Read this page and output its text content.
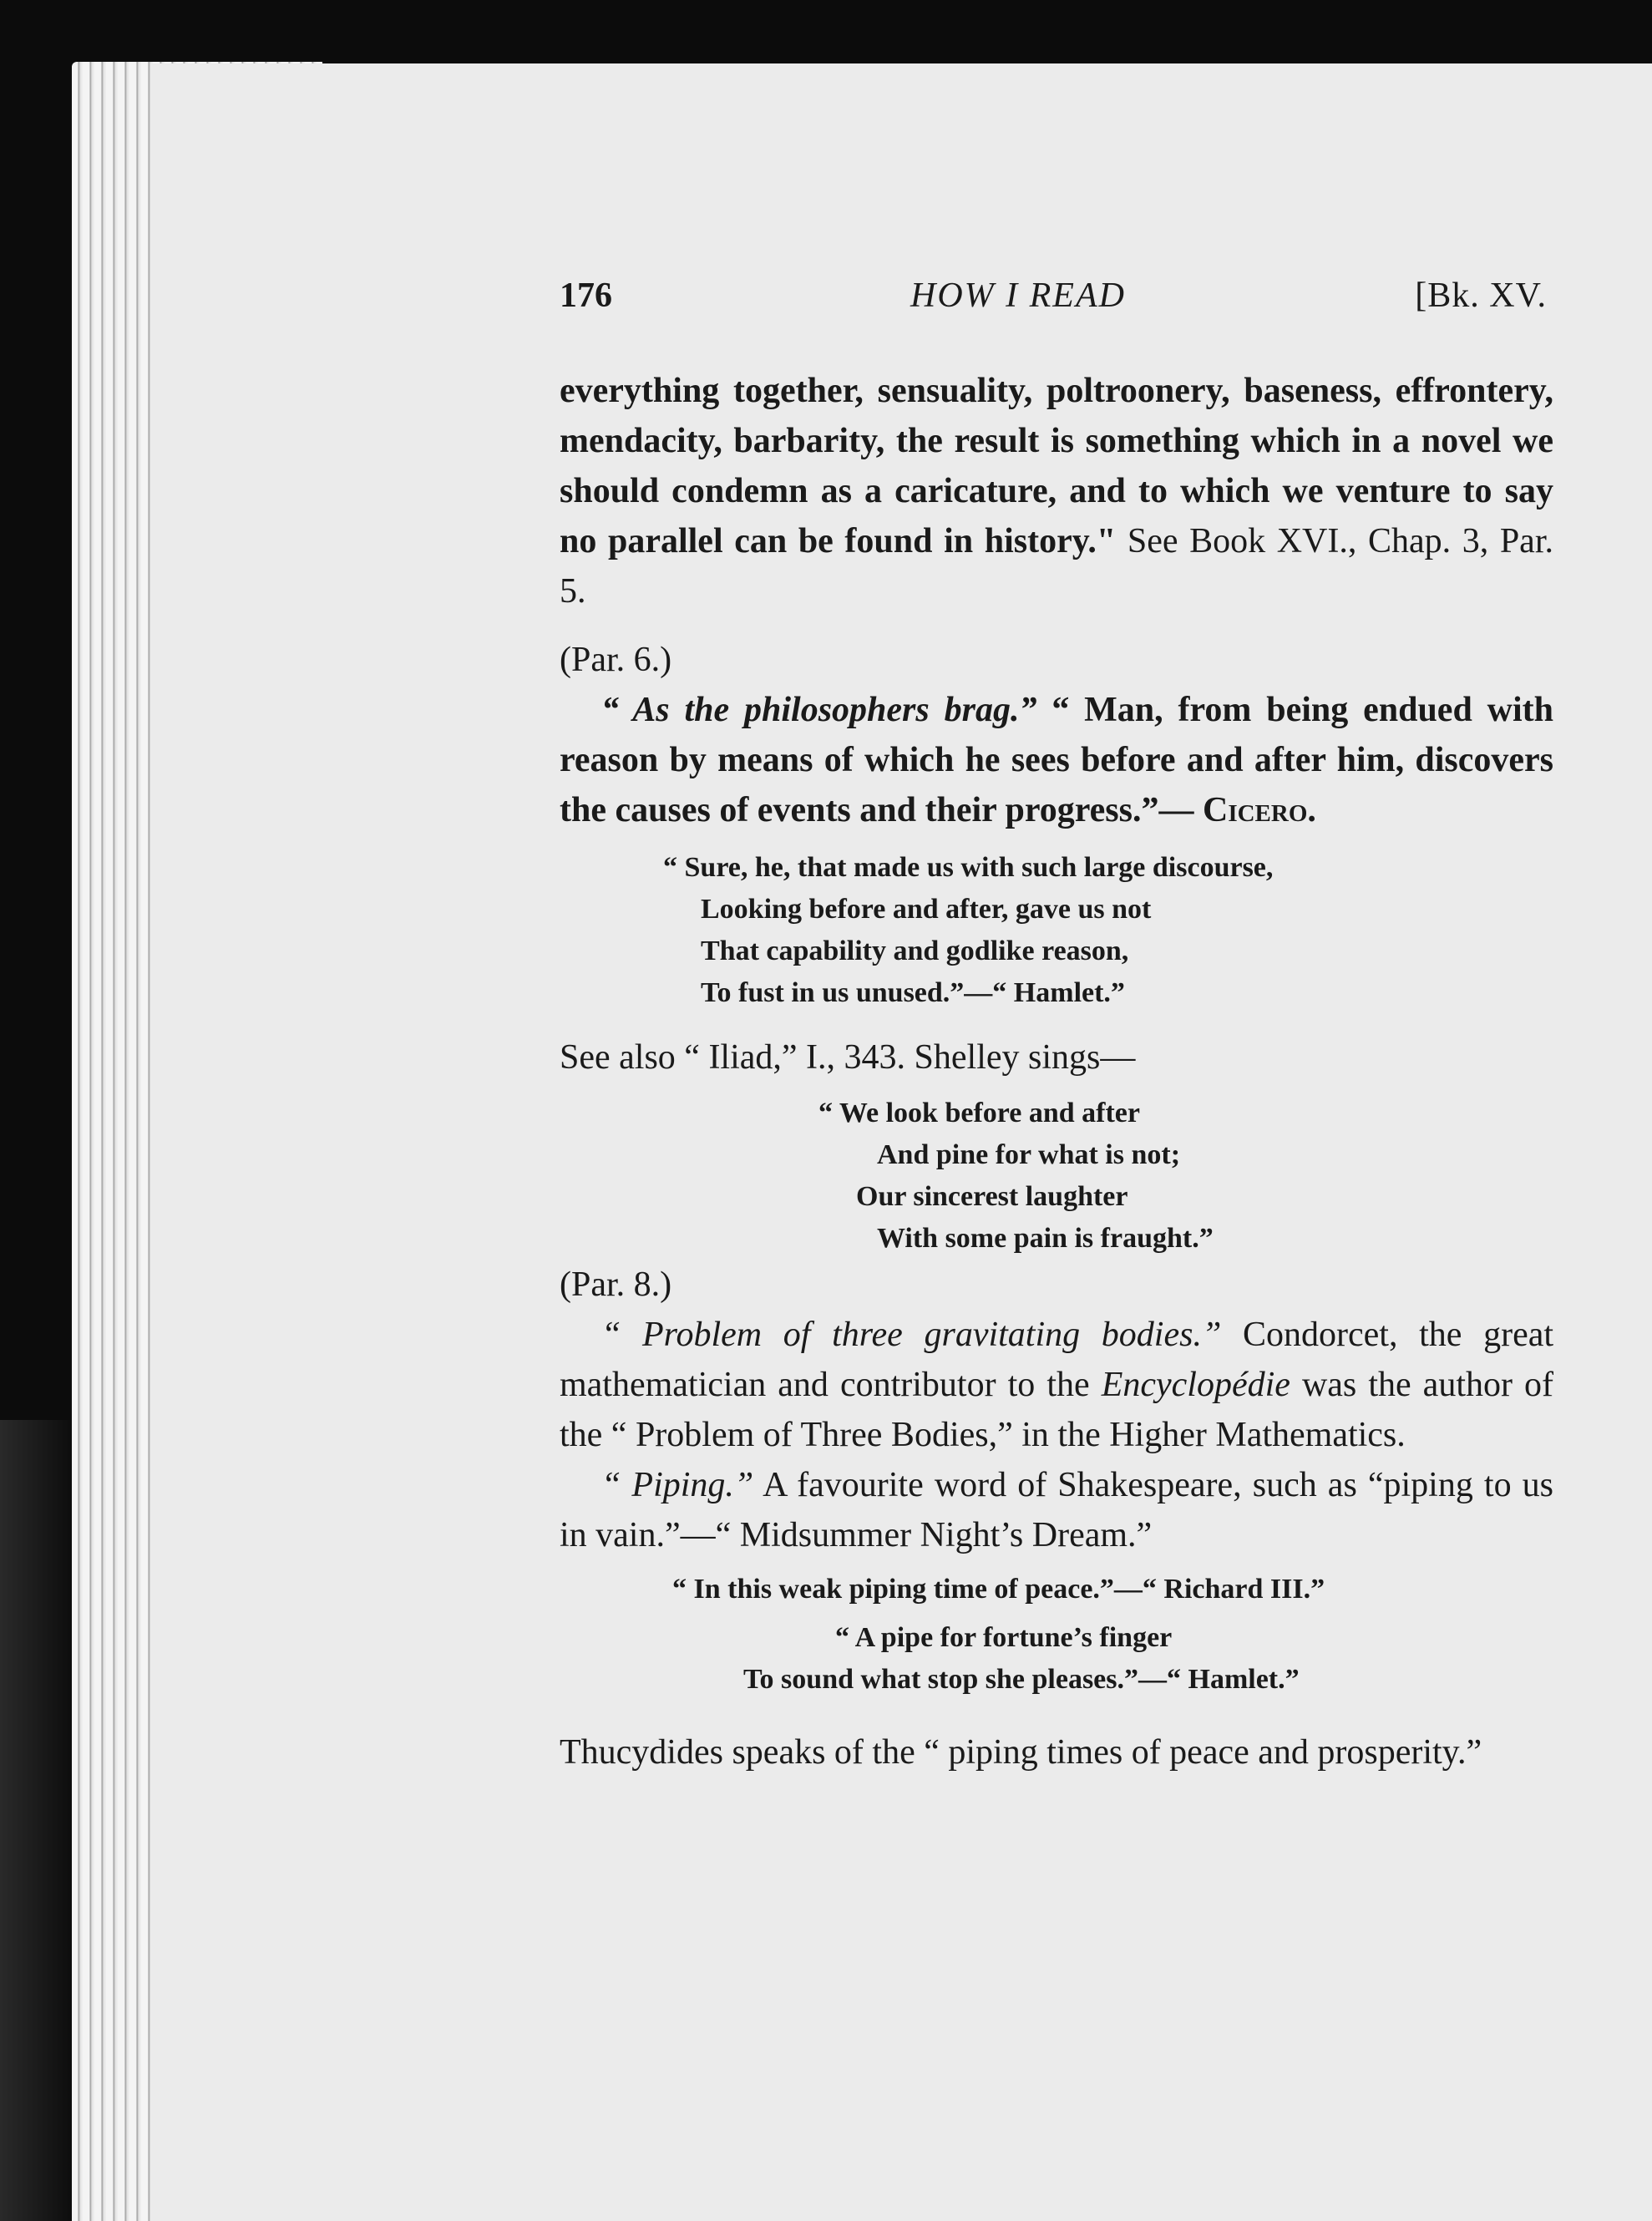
176	HOW I READ	[Bk. XV.

everything together, sensuality, poltroonery, baseness, effrontery, mendacity, barbarity, the result is something which in a novel we should condemn as a caricature, and to which we venture to say no parallel can be found in history." See Book XVI., Chap. 3, Par. 5.

(Par. 6.)

“ As the philosophers brag.” “ Man, from being endued with reason by means of which he sees before and after him, discovers the causes of events and their progress.”— Cicero.

“ Sure, he, that made us with such large discourse,
Looking before and after, gave us not
That capability and godlike reason,
To fust in us unused.”—“ Hamlet.”

See also “ Iliad,” I., 343. Shelley sings—

“ We look before and after
And pine for what is not;
Our sincerest laughter
With some pain is fraught.”

(Par. 8.)

“ Problem of three gravitating bodies.” Condorcet, the great mathematician and contributor to the Encyclopédie was the author of the “ Problem of Three Bodies,” in the Higher Mathematics.

“ Piping.” A favourite word of Shakespeare, such as “piping to us in vain.”—“ Midsummer Night’s Dream.”

“ In this weak piping time of peace.”—“ Richard III.”
“ A pipe for fortune’s finger
To sound what stop she pleases.”—“ Hamlet.”

Thucydides speaks of the “ piping times of peace and prosperity.”
